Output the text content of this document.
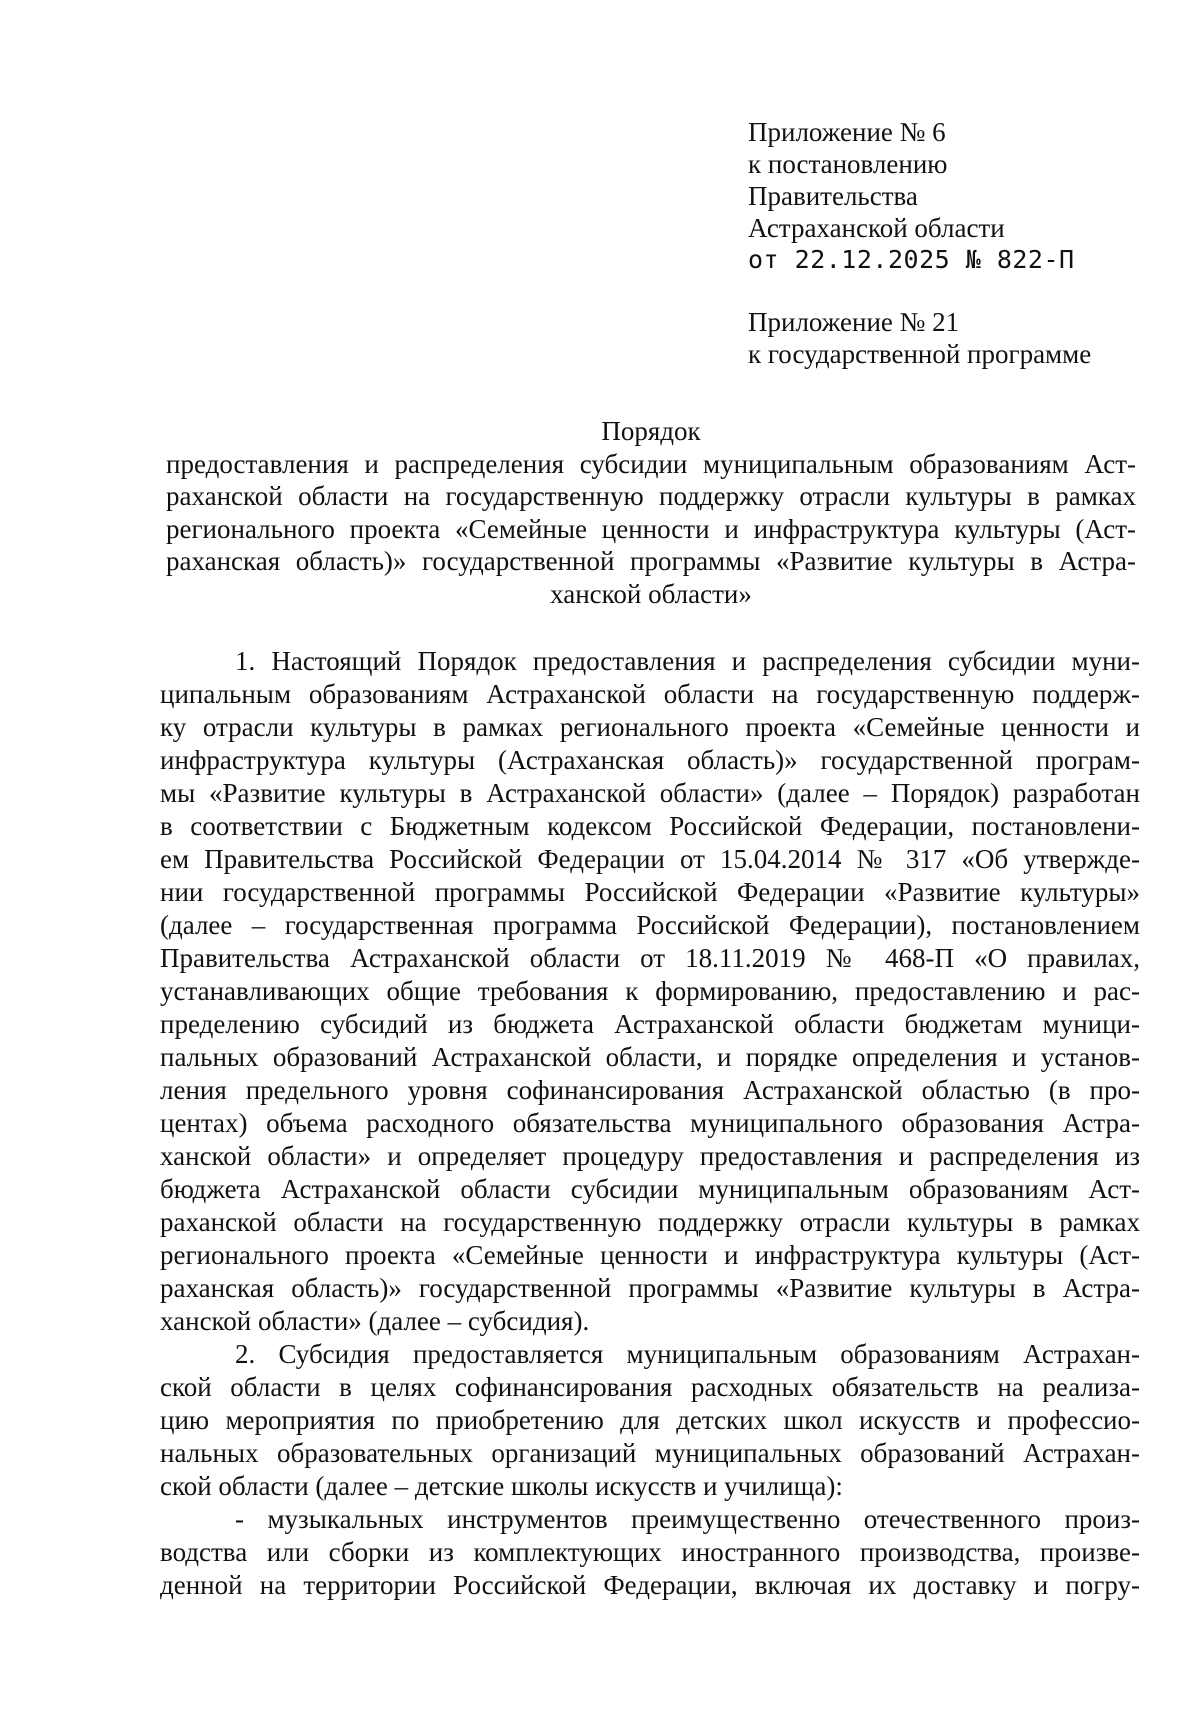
Приложение № 6
к постановлению
Правительства
Астраханской области
от 22.12.2025 № 822-П
Приложение № 21
к государственной программе
Порядок
предоставления и распределения субсидии муниципальным образованиям Аст-
раханской области на государственную поддержку отрасли культуры в рамках
регионального проекта «Семейные ценности и инфраструктура культуры (Аст-
раханская область)» государственной программы «Развитие культуры в Астра-
ханской области»
1. Настоящий Порядок предоставления и распределения субсидии муни-
ципальным образованиям Астраханской области на государственную поддерж-
ку отрасли культуры в рамках регионального проекта «Семейные ценности и
инфраструктура культуры (Астраханская область)» государственной програм-
мы «Развитие культуры в Астраханской области» (далее – Порядок) разработан
в соответствии с Бюджетным кодексом Российской Федерации, постановлени-
ем Правительства Российской Федерации от 15.04.2014 № 317 «Об утвержде-
нии государственной программы Российской Федерации «Развитие культуры»
(далее – государственная программа Российской Федерации), постановлением
Правительства Астраханской области от 18.11.2019 № 468-П «О правилах,
устанавливающих общие требования к формированию, предоставлению и рас-
пределению субсидий из бюджета Астраханской области бюджетам муници-
пальных образований Астраханской области, и порядке определения и установ-
ления предельного уровня софинансирования Астраханской областью (в про-
центах) объема расходного обязательства муниципального образования Астра-
ханской области» и определяет процедуру предоставления и распределения из
бюджета Астраханской области субсидии муниципальным образованиям Аст-
раханской области на государственную поддержку отрасли культуры в рамках
регионального проекта «Семейные ценности и инфраструктура культуры (Аст-
раханская область)» государственной программы «Развитие культуры в Астра-
ханской области» (далее – субсидия).
2. Субсидия предоставляется муниципальным образованиям Астрахан-
ской области в целях софинансирования расходных обязательств на реализа-
цию мероприятия по приобретению для детских школ искусств и профессио-
нальных образовательных организаций муниципальных образований Астрахан-
ской области (далее – детские школы искусств и училища):
- музыкальных инструментов преимущественно отечественного произ-
водства или сборки из комплектующих иностранного производства, произве-
денной на территории Российской Федерации, включая их доставку и погру-
